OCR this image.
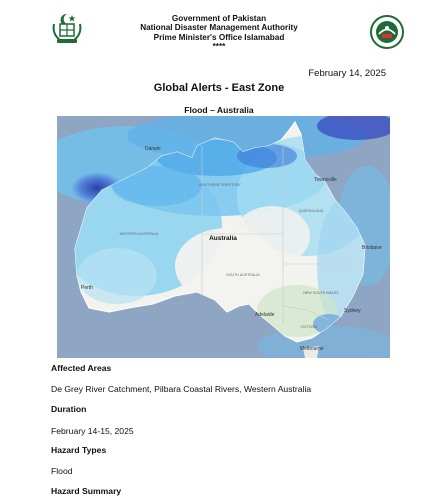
Government of Pakistan
National Disaster Management Authority
Prime Minister's Office Islamabad
****
February 14, 2025
Global Alerts - East Zone
Flood – Australia
Australia
Perth
Adelaide
Melbourne
Sydney
Brisbane
Townsville
Darwin
NORTHERN TERRITORY
QUEENSLAND
WESTERN AUSTRALIA
SOUTH AUSTRALIA
NEW SOUTH WALES
VICTORIA
Affected Areas
De Grey River Catchment, Pilbara Coastal Rivers, Western Australia
Duration
February 14-15, 2025
Hazard Types
Flood
Hazard Summary
